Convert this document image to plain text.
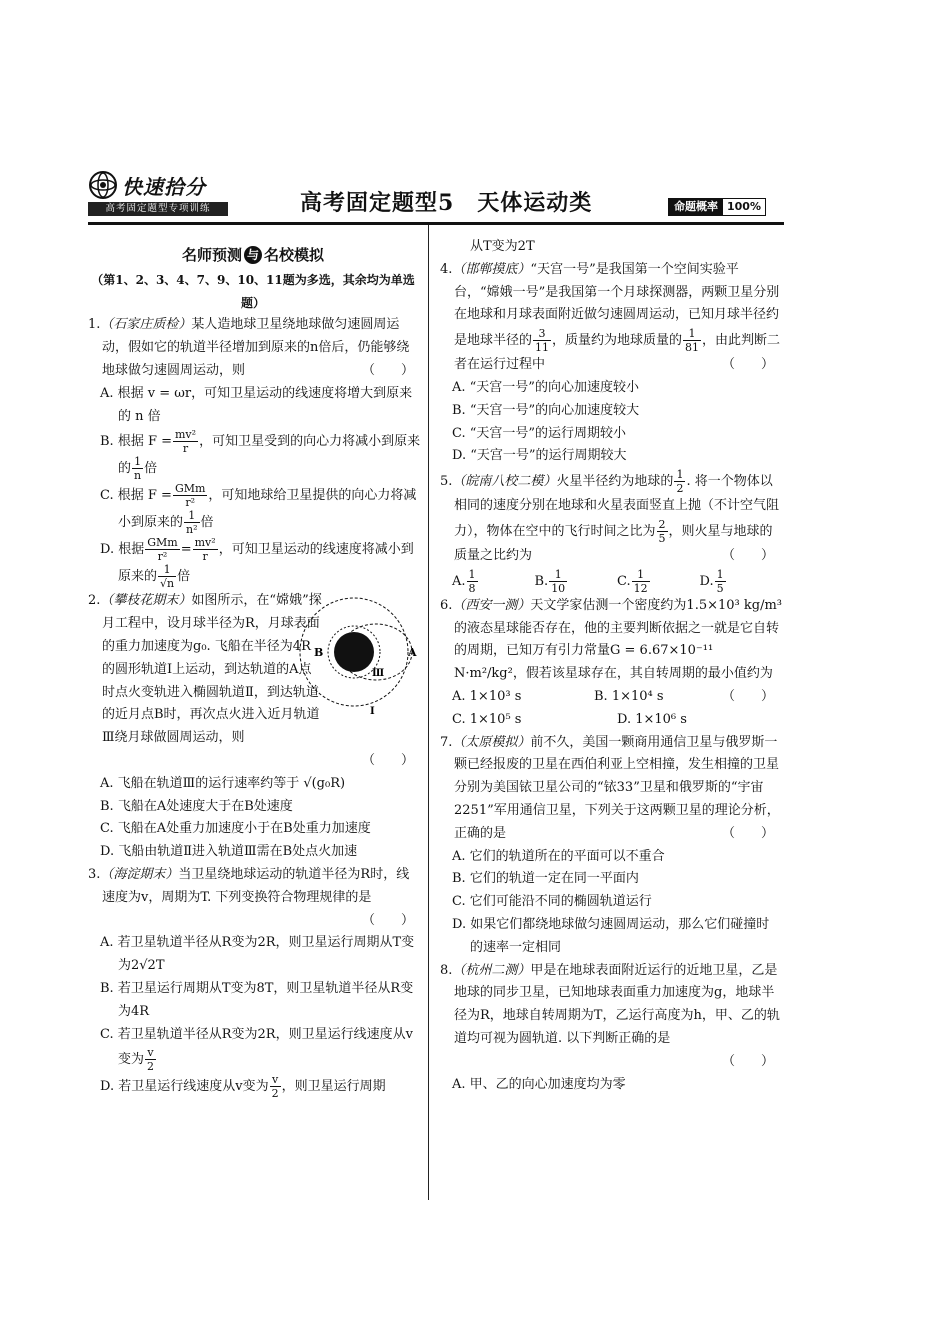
快速拾分
高考固定题型专项训练	高考固定题型5　天体运动类	命题概率 100%
名师预测 与 名校模拟
（第1、2、3、4、7、9、10、11题为多选，其余均为单选题）

1.（石家庄质检）某人造地球卫星绕地球做匀速圆周运动，假如它的轨道半径增加到原来的n倍后，仍能够绕地球做匀速圆周运动，则	（　　）

A. 根据 v = ωr，可知卫星运动的线速度将增大到原来的 n 倍

B. 根据 $F = \frac{\text{mv²}}{r}$ ，可知卫星受到的向心力将减小到原来的 $\frac{1}{n}$ 倍

C. 根据 $F = \frac{\text{GMm}}{\text{r²}}$ ，可知地球给卫星提供的向心力将减小到原来的 $\frac{1}{\text{n²}}$ 倍

D. 根据 $\frac{\text{GMm}}{\text{r²}} = \frac{\text{mv²}}{r}$ ，可知卫星运动的线速度将减小到原来的 $\frac{1}{√n}$ 倍

B	A
Ⅲ
Ⅰ

2.（攀枝花期末）如图所示，在“嫦娥”探月工程中，设月球半径为R，月球表面的重力加速度为g₀. 飞船在半径为4R的圆形轨道Ⅰ上运动，到达轨道的A点时点火变轨进入椭圆轨道Ⅱ，到达轨道的近月点B时，再次点火进入近月轨道Ⅲ绕月球做圆周运动，则

（　　）

A. 飞船在轨道Ⅲ的运行速率约等于 √(g₀R)

B. 飞船在A处速度大于在B处速度

C. 飞船在A处重力加速度小于在B处重力加速度

D. 飞船由轨道Ⅱ进入轨道Ⅲ需在B处点火加速

3.（海淀期末）当卫星绕地球运动的轨道半径为R时，线速度为v，周期为T. 下列变换符合物理规律的是

（　　）

A. 若卫星轨道半径从R变为2R，则卫星运行周期从T变为2√2T

B. 若卫星运行周期从T变为8T，则卫星轨道半径从R变为4R

C. 若卫星轨道半径从R变为2R，则卫星运行线速度从v变为 $\frac{v}{2}$

D. 若卫星运行线速度从v变为 $\frac{v}{2}$ ，则卫星运行周期

从T变为2T

4.（邯郸摸底）“天宫一号”是我国第一个空间实验平台，“嫦娥一号”是我国第一个月球探测器，两颗卫星分别在地球和月球表面附近做匀速圆周运动，已知月球半径约是地球半径的 $\frac{3}{11}$ ，质量约为地球质量的 $\frac{1}{81}$ ，由此判断二者在运行过程中	（　　）

A. “天宫一号”的向心加速度较小

B. “天宫一号”的向心加速度较大

C. “天宫一号”的运行周期较小

D. “天宫一号”的运行周期较大

5.（皖南八校二模）火星半径约为地球的 $\frac{1}{2}$ . 将一个物体以相同的速度分别在地球和火星表面竖直上抛（不计空气阻力），物体在空中的飞行时间之比为 $\frac{2}{5}$ ，则火星与地球的质量之比约为	（　　）

A. $\frac{1}{8}$	B. $\frac{1}{10}$	C. $\frac{1}{12}$	D. $\frac{1}{5}$

6.（西安一测）天文学家估测一个密度约为1.5×10³ kg/m³的液态星球能否存在，他的主要判断依据之一就是它自转的周期，已知万有引力常量G = 6.67×10⁻¹¹ N·m²/kg²，假若该星球存在，其自转周期的最小值约为
（　　）

A. 1×10³ s	B. 1×10⁴ s
C. 1×10⁵ s	D. 1×10⁶ s

7.（太原模拟）前不久，美国一颗商用通信卫星与俄罗斯一颗已经报废的卫星在西伯利亚上空相撞，发生相撞的卫星分别为美国铱卫星公司的“铱33”卫星和俄罗斯的“宇宙2251”军用通信卫星，下列关于这两颗卫星的理论分析，正确的是	（　　）

A. 它们的轨道所在的平面可以不重合

B. 它们的轨道一定在同一平面内

C. 它们可能沿不同的椭圆轨道运行

D. 如果它们都绕地球做匀速圆周运动，那么它们碰撞时的速率一定相同

8.（杭州二测）甲是在地球表面附近运行的近地卫星，乙是地球的同步卫星，已知地球表面重力加速度为g，地球半径为R，地球自转周期为T，乙运行高度为h，甲、乙的轨道均可视为圆轨道. 以下判断正确的是

（　　）

A. 甲、乙的向心加速度均为零
